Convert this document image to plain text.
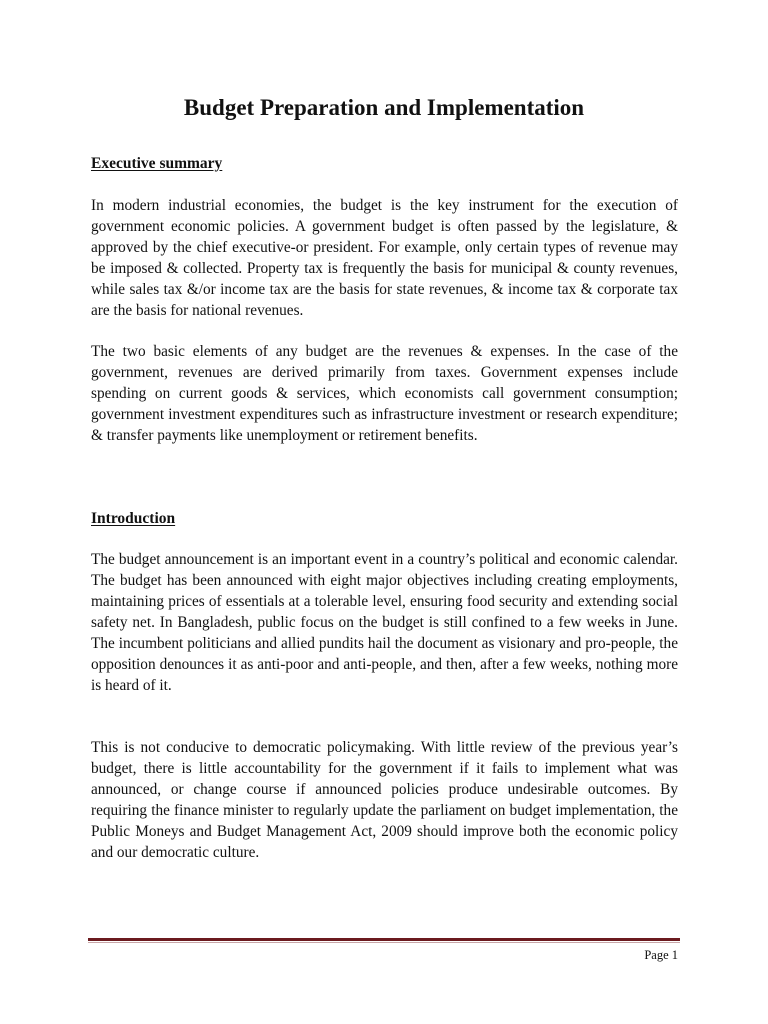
Budget Preparation and Implementation
Executive summary

In modern industrial economies, the budget is the key instrument for the execution of government economic policies. A government budget is often passed by the legislature, & approved by the chief executive-or president. For example, only certain types of revenue may be imposed & collected. Property tax is frequently the basis for municipal & county revenues, while sales tax &/or income tax are the basis for state revenues, & income tax & corporate tax are the basis for national revenues.

The two basic elements of any budget are the revenues & expenses. In the case of the government, revenues are derived primarily from taxes. Government expenses include spending on current goods & services, which economists call government consumption; government investment expenditures such as infrastructure investment or research expenditure; & transfer payments like unemployment or retirement benefits.

Introduction

The budget announcement is an important event in a country’s political and economic calendar. The budget has been announced with eight major objectives including creating employments, maintaining prices of essentials at a tolerable level, ensuring food security and extending social safety net. In Bangladesh, public focus on the budget is still confined to a few weeks in June. The incumbent politicians and allied pundits hail the document as visionary and pro-people, the opposition denounces it as anti-poor and anti-people, and then, after a few weeks, nothing more is heard of it.

This is not conducive to democratic policymaking. With little review of the previous year’s budget, there is little accountability for the government if it fails to implement what was announced, or change course if announced policies produce undesirable outcomes. By requiring the finance minister to regularly update the parliament on budget implementation, the Public Moneys and Budget Management Act, 2009 should improve both the economic policy and our democratic culture.

Page 1
